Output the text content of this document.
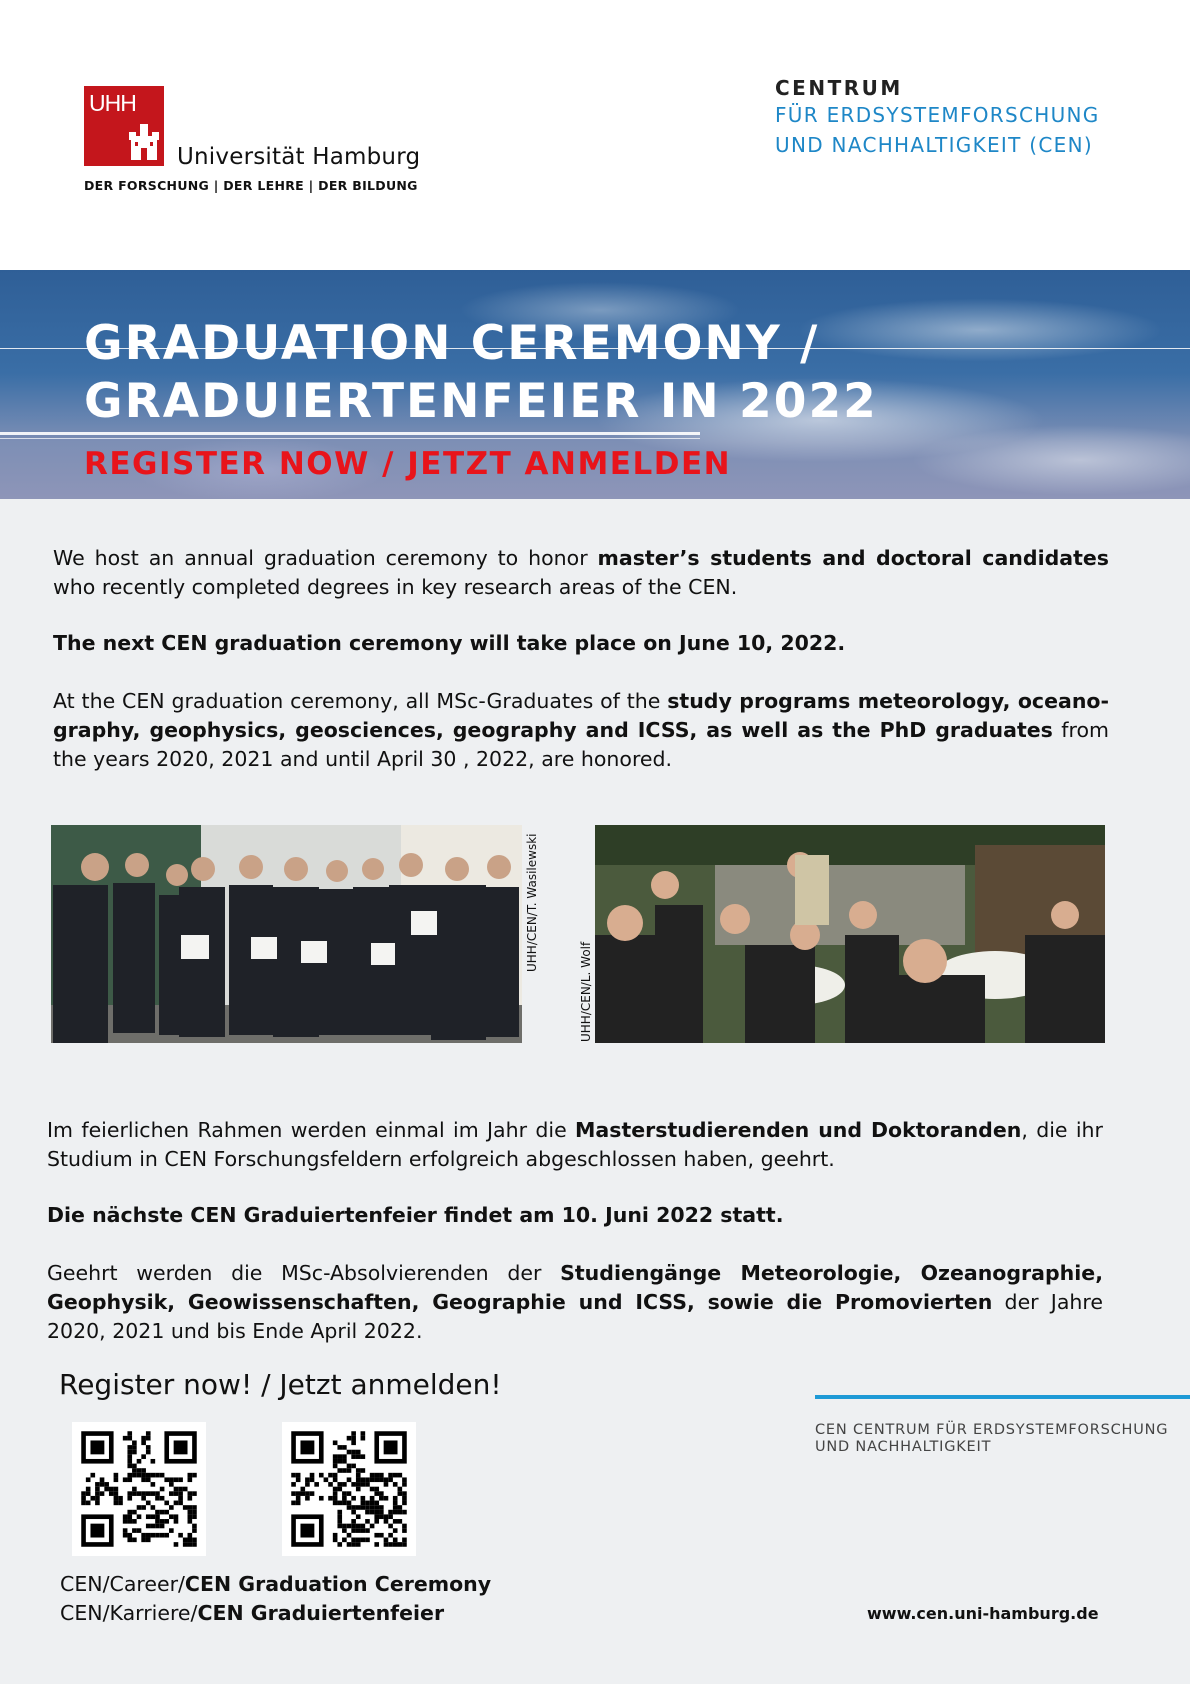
UHH
Universität Hamburg
DER FORSCHUNG | DER LEHRE | DER BILDUNG
CENTRUM
FÜR ERDSYSTEMFORSCHUNG
UND NACHHALTIGKEIT (CEN)
GRADUATION CEREMONY /
GRADUIERTENFEIER IN 2022
REGISTER NOW / JETZT ANMELDEN
We host an annual graduation ceremony to honor master’s students and doctoral candidates who recently completed degrees in key research areas of the CEN.
The next CEN graduation ceremony will take place on June 10, 2022.
At the CEN graduation ceremony, all MSc-Graduates of the study programs meteorology, oceano-graphy, geophysics, geosciences, geography and ICSS, as well as the PhD graduates from the years 2020, 2021 and until April 30 , 2022, are honored.
UHH/CEN/T. Wasilewski
UHH/CEN/L. Wolf
Im feierlichen Rahmen werden einmal im Jahr die Masterstudierenden und Doktoranden, die ihr Studium in CEN Forschungsfeldern erfolgreich abgeschlossen haben, geehrt.
Die nächste CEN Graduiertenfeier findet am 10. Juni 2022 statt.
Geehrt werden die MSc-Absolvierenden der Studiengänge Meteorologie, Ozeanographie, Geophysik, Geowissenschaften, Geographie und ICSS, sowie die Promovierten der Jahre 2020, 2021 und bis Ende April 2022.
Register now! / Jetzt anmelden!
CEN/Career/CEN Graduation Ceremony
CEN/Karriere/CEN Graduiertenfeier
CEN CENTRUM FÜR ERDSYSTEMFORSCHUNG
UND NACHHALTIGKEIT
www.cen.uni-hamburg.de
